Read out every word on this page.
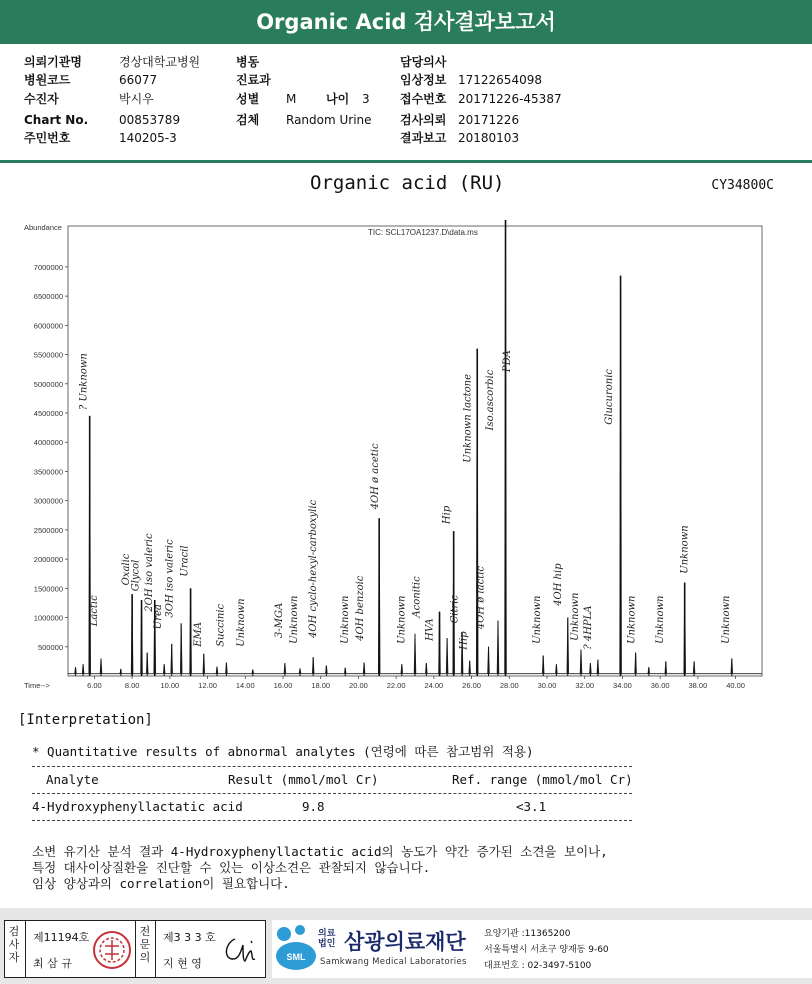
Organic Acid 검사결과보고서
의뢰기관명	경상대학교병원
병원코드	66077
수진자	박시우
Chart No.	00853789
주민번호	140205-3
병동
진료과
성별 M 나이 3
검체 Random Urine
담당의사
임상정보 17122654098
접수번호 20171226-45387
검사의뢰 20171226
결과보고 20180103
Organic acid (RU)	CY34800C
500000
1000000
1500000
2000000
2500000
3000000
3500000
4000000
4500000
5000000
5500000
6000000
6500000
7000000
6.00	8.00	10.00	12.00	14.00	16.00	18.00	20.00	22.00	24.00	26.00	28.00	30.00	32.00	34.00	36.00	38.00	40.00
Abundance
Time-->
TIC: SCL17OA1237.D\data.ms
? Unknown
Lactic
Oxalic
Glycol 2OH iso valeric
Urea 3OH iso valeric Uracil
EMA Succinic Unknown	3-MGA Unknown 4OH cyclo-hexyl-carboxylic Unknown 4OH benzoic
4OH ø acetic
Unknown Aconitic
HVA
Hip
Citric
Hip
Unknown lactone
4OH ø lactic
Iso.ascorbic
PDA
Unknown
4OH hip
Unknown ? 4HPLA
Glucuronic
Unknown Unknown
Unknown
Unknown
[Interpretation]
* Quantitative results of abnormal analytes (연령에 따른 참고범위 적용)
Analyte	Result (mmol/mol Cr)	Ref. range (mmol/mol Cr)
4-Hydroxyphenyllactatic acid	9.8	<3.1
소변 유기산 분석 결과 4-Hydroxyphenyllactatic acid의 농도가 약간 증가된 소견을 보이나,
특정 대사이상질환을 진단할 수 있는 이상소견은 관찰되지 않습니다.
임상 양상과의 correlation이 필요합니다.
검사자
제11194호
최 삼 규
전문의
제3 3 3 호
지 현 영	SML
의료
법인 삼광의료재단
Samkwang Medical Laboratories
요양기관 :11365200
서울특별시 서초구 양재동 9-60
대표번호 : 02-3497-5100
